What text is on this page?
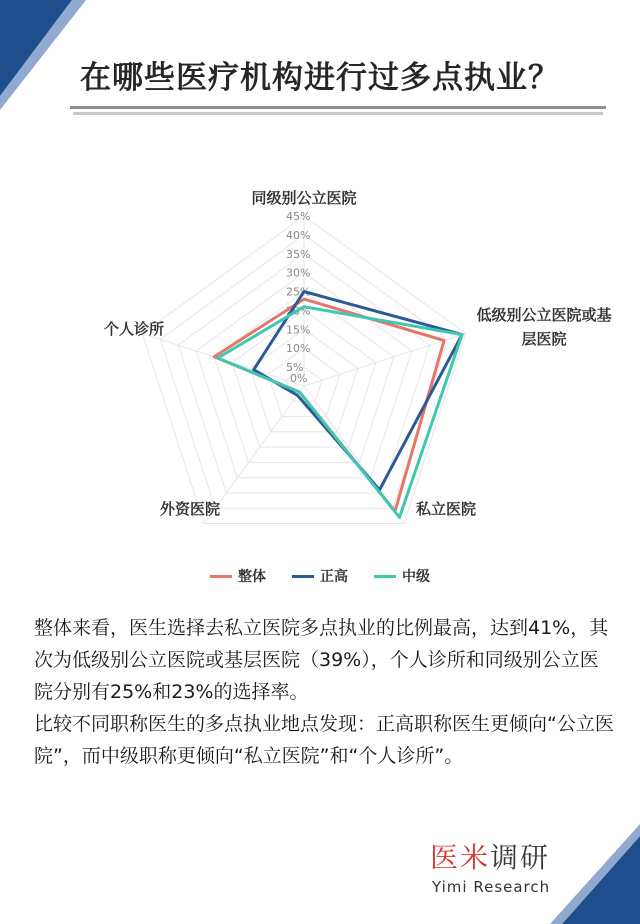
在哪些医疗机构进行过多点执业？
5%
10%
15%
20%
25%
30%
35%
40%
45%
0%
同级别公立医院
低级别公立医院或基
层医院
私立医院
外资医院
个人诊所
整体	正高	中级

整体来看，医生选择去私立医院多点执业的比例最高，达到41%，其次为低级别公立医院或基层医院（39%），个人诊所和同级别公立医院分别有25%和23%的选择率。

比较不同职称医生的多点执业地点发现：正高职称医生更倾向“公立医院”，而中级职称更倾向“私立医院”和“个人诊所”。

医米调研
Yimi Research
